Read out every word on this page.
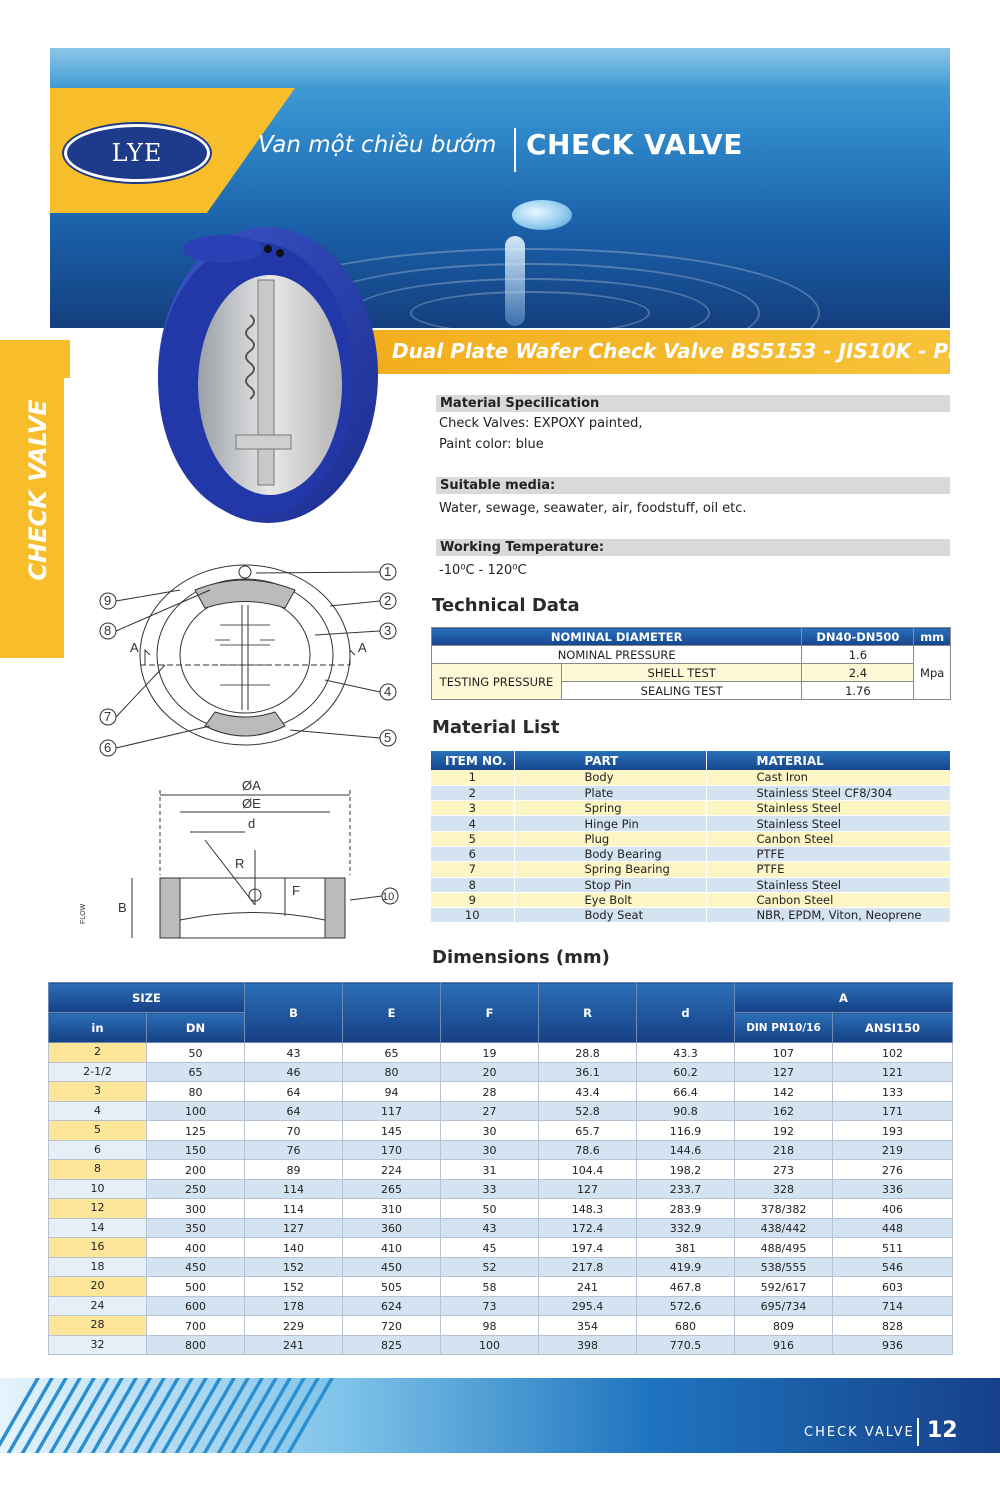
LYE	Van một chiều bướm CHECK VALVE
CHECK VALVE
Dual Plate Wafer Check Valve BS5153 - JIS10K - PN16
Material Specilication
Check Valves: EXPOXY painted,
Paint color: blue
Suitable media:
Water, sewage, seawater, air, foodstuff, oil etc.
Working Temperature:
-10⁰C - 120⁰C
Technical Data
NOMINAL DIAMETER		DN40-DN500	mm
NOMINAL PRESSURE		1.6	Mpa
TESTING PRESSURE	SHELL TEST	2.4	
	SEALING TEST	1.76	
Material List
ITEM NO.	PART	MATERIAL
1	Body	Cast Iron
2	Plate	Stainless Steel CF8/304
3	Spring	Stainless Steel
4	Hinge Pin	Stainless Steel
5	Plug	Canbon Steel
6	Body Bearing	PTFE
7	Spring Bearing	PTFE
8	Stop Pin	Stainless Steel
9	Eye Bolt	Canbon Steel
10	Body Seat	NBR, EPDM, Viton, Neoprene
1
2
3
4
5
6
7
8
9
10
A	A
ØA
ØE
d
R
F
B
FLOW
Dimensions (mm)
SIZE		B	E	F	R	d	A	
in	DN						DIN PN10/16	ANSI150
2	50	43	65	19	28.8	43.3	107	102
2-1/2	65	46	80	20	36.1	60.2	127	121
3	80	64	94	28	43.4	66.4	142	133
4	100	64	117	27	52.8	90.8	162	171
5	125	70	145	30	65.7	116.9	192	193
6	150	76	170	30	78.6	144.6	218	219
8	200	89	224	31	104.4	198.2	273	276
10	250	114	265	33	127	233.7	328	336
12	300	114	310	50	148.3	283.9	378/382	406
14	350	127	360	43	172.4	332.9	438/442	448
16	400	140	410	45	197.4	381	488/495	511
18	450	152	450	52	217.8	419.9	538/555	546
20	500	152	505	58	241	467.8	592/617	603
24	600	178	624	73	295.4	572.6	695/734	714
28	700	229	720	98	354	680	809	828
32	800	241	825	100	398	770.5	916	936
CHECK VALVE 12
